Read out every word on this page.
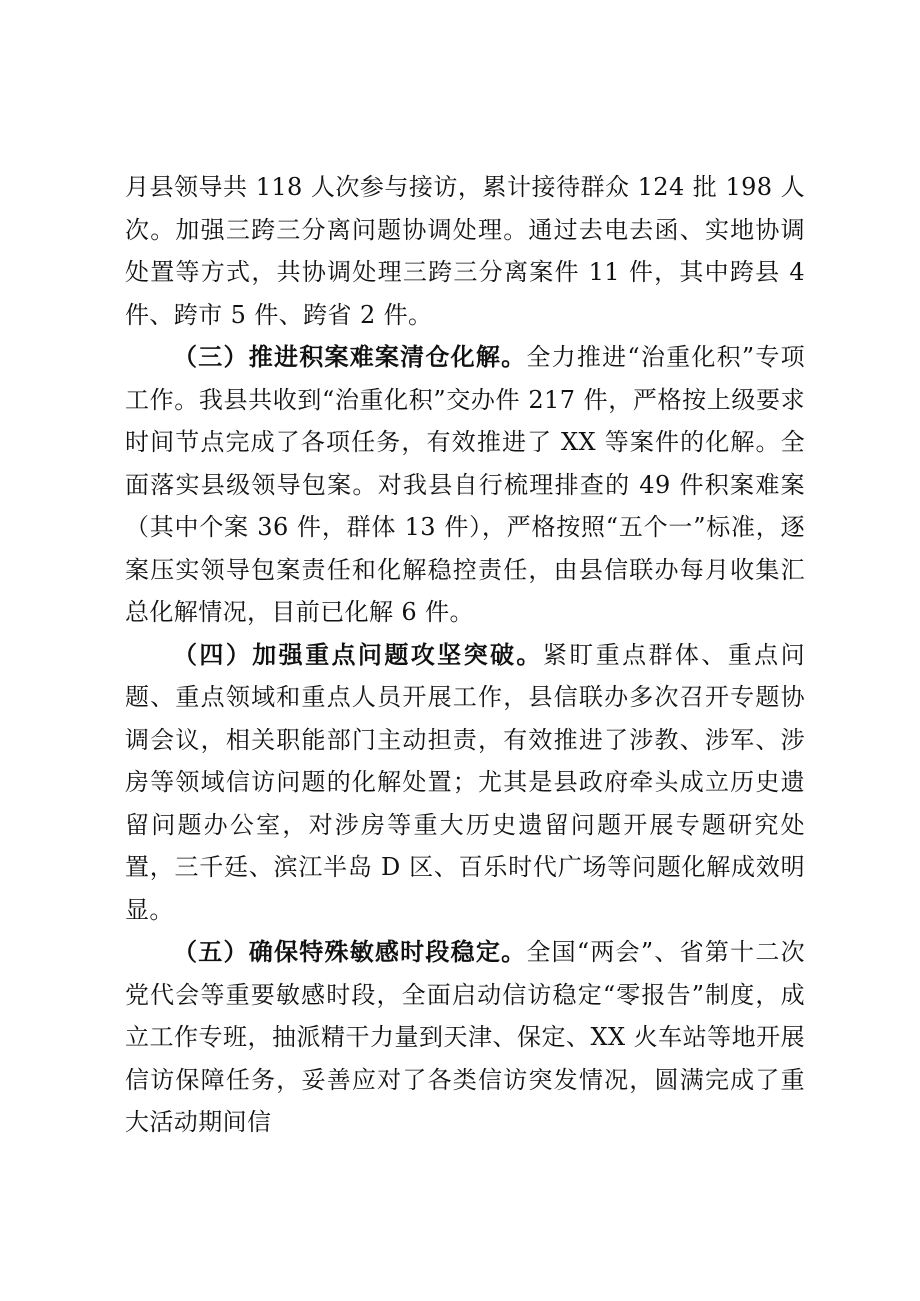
月县领导共 118 人次参与接访，累计接待群众 124 批 198 人次。加强三跨三分离问题协调处理。通过去电去函、实地协调处置等方式，共协调处理三跨三分离案件 11 件，其中跨县 4 件、跨市 5 件、跨省 2 件。

（三）推进积案难案清仓化解。全力推进“治重化积”专项工作。我县共收到“治重化积”交办件 217 件，严格按上级要求时间节点完成了各项任务，有效推进了 XX 等案件的化解。全面落实县级领导包案。对我县自行梳理排查的 49 件积案难案（其中个案 36 件，群体 13 件），严格按照“五个一”标准，逐案压实领导包案责任和化解稳控责任，由县信联办每月收集汇总化解情况，目前已化解 6 件。

（四）加强重点问题攻坚突破。紧盯重点群体、重点问题、重点领域和重点人员开展工作，县信联办多次召开专题协调会议，相关职能部门主动担责，有效推进了涉教、涉军、涉房等领域信访问题的化解处置；尤其是县政府牵头成立历史遗留问题办公室，对涉房等重大历史遗留问题开展专题研究处置，三千廷、滨江半岛 D 区、百乐时代广场等问题化解成效明显。

（五）确保特殊敏感时段稳定。全国“两会”、省第十二次党代会等重要敏感时段，全面启动信访稳定“零报告”制度，成立工作专班，抽派精干力量到天津、保定、XX 火车站等地开展信访保障任务，妥善应对了各类信访突发情况，圆满完成了重大活动期间信
